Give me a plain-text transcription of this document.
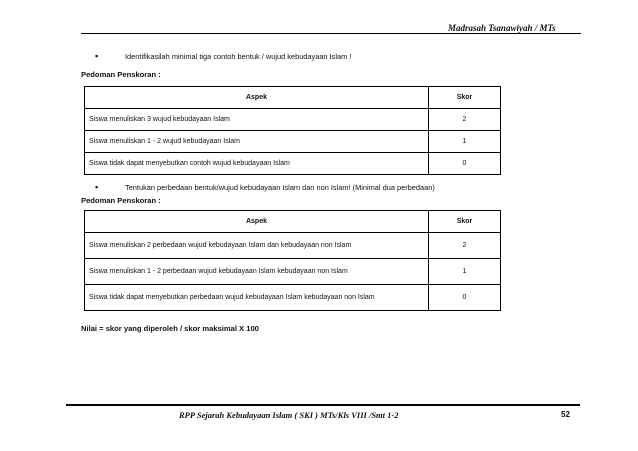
Madrasah Tsanawiyah / MTs
▪	Identifikasilah minimal tiga contoh bentuk / wujud kebudayaan Islam !
Pedoman Penskoran :
Aspek	Skor
Siswa menuliskan 3 wujud kebudayaan Islam	2
Siswa menuliskan 1 - 2 wujud kebudayaan Islam	1
Siswa tidak dapat menyebutkan contoh wujud kebudayaan Islam	0
▪	Tentukan perbedaan bentuk/wujud kebudayaan Islam dan non Islam! (Minimal dua perbedaan)
Pedoman Penskoran :
Aspek	Skor
Siswa menuliskan 2 perbedaan wujud kebudayaan Islam dan kebudayaan non Islam	2
Siswa menuliskan 1 - 2 perbedaan wujud kebudayaan Islam kebudayaan non Islam	1
Siswa tidak dapat menyebutkan perbedaan wujud kebudayaan Islam kebudayaan non Islam	0
Nilai = skor yang diperoleh / skor maksimal X 100
RPP Sejarah Kebudayaan Islam ( SKI ) MTs/Kls VIII /Smt 1-2	52
